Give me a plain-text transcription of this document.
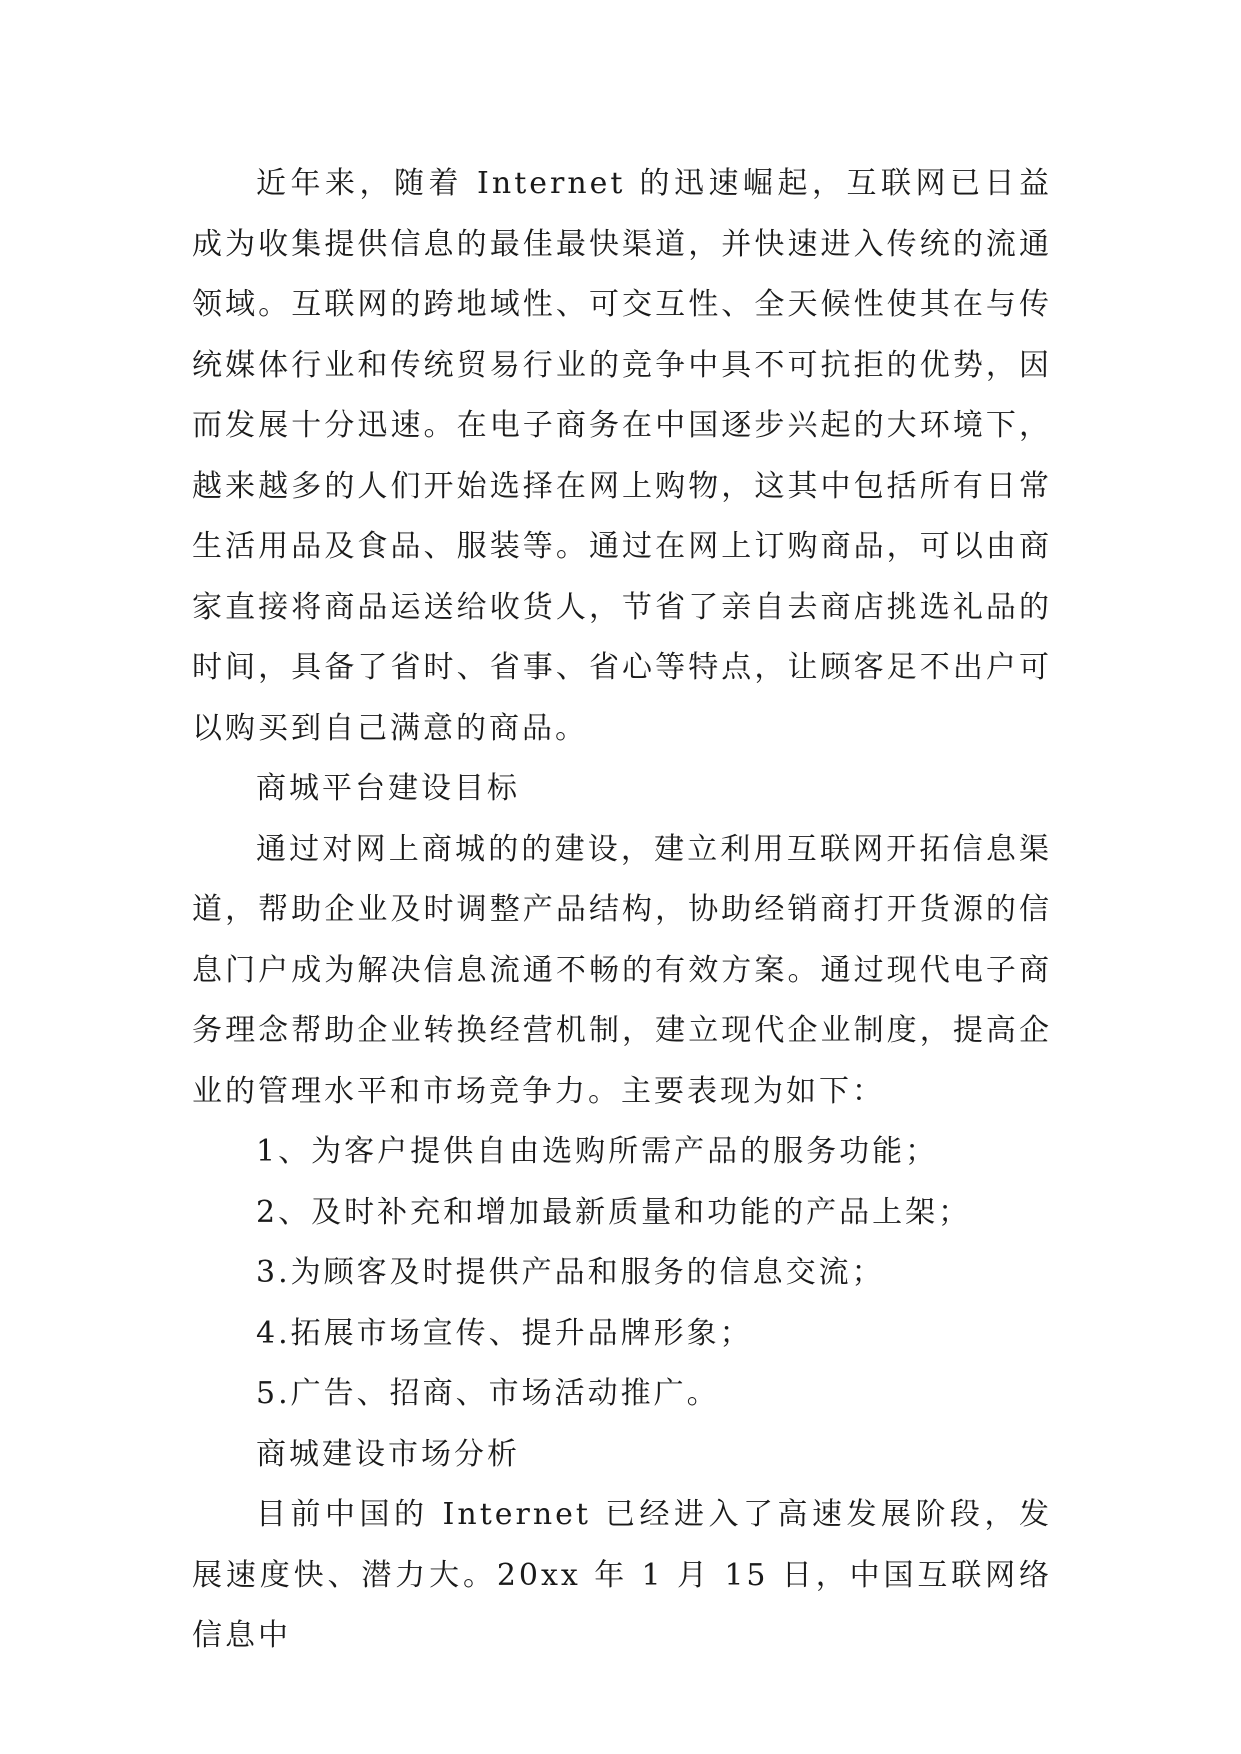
近年来，随着 Internet 的迅速崛起，互联网已日益成为收集提供信息的最佳最快渠道，并快速进入传统的流通领域。互联网的跨地域性、可交互性、全天候性使其在与传统媒体行业和传统贸易行业的竞争中具不可抗拒的优势，因而发展十分迅速。在电子商务在中国逐步兴起的大环境下，越来越多的人们开始选择在网上购物，这其中包括所有日常生活用品及食品、服装等。通过在网上订购商品，可以由商家直接将商品运送给收货人，节省了亲自去商店挑选礼品的时间，具备了省时、省事、省心等特点，让顾客足不出户可以购买到自己满意的商品。

商城平台建设目标

通过对网上商城的的建设，建立利用互联网开拓信息渠道，帮助企业及时调整产品结构，协助经销商打开货源的信息门户成为解决信息流通不畅的有效方案。通过现代电子商务理念帮助企业转换经营机制，建立现代企业制度，提高企业的管理水平和市场竞争力。主要表现为如下：

1、为客户提供自由选购所需产品的服务功能；

2、及时补充和增加最新质量和功能的产品上架；

3.为顾客及时提供产品和服务的信息交流；

4.拓展市场宣传、提升品牌形象；

5.广告、招商、市场活动推广。

商城建设市场分析

目前中国的 Internet 已经进入了高速发展阶段，发展速度快、潜力大。20xx 年 1 月 15 日，中国互联网络信息中
